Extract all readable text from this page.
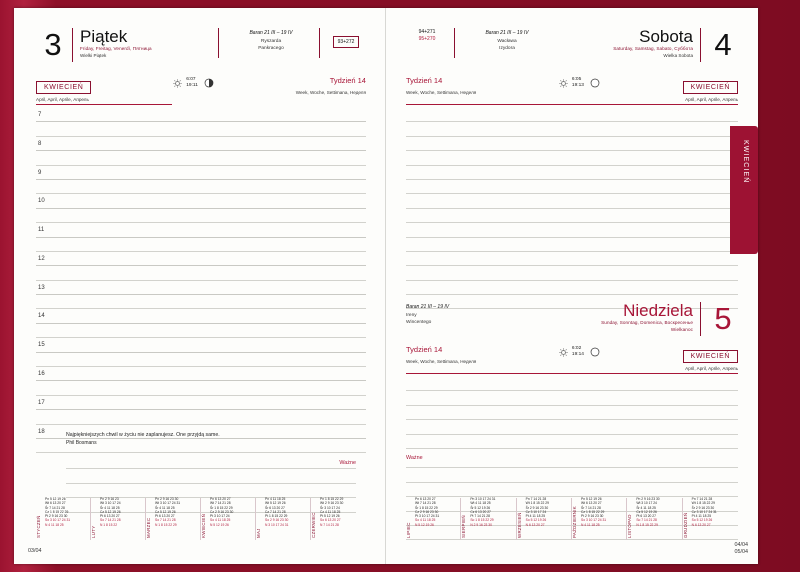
3	Piątek
Friday, Freitag, Venerdì, Пятница
Wielki Piątek
Baran 21 III – 19 IV
Ryszarda
Pankracego
93+272
KWIECIEŃ
April, April, Aprile, Апрель
6:07
19:11
Tydzień 14
Week, Woche, Settimana, Неделя
7
8
9
10
11
12
13
14
15
16
17
18
Najpiękniejszych chwil w życiu nie zaplanujesz. One przyjdą same.
Phil Bosmans
Ważne
STYCZEŃ
Pn 5 12 19 26
Wt 6 13 20 27
Śr 7 14 21 28
Cz 1 8 15 22 29
Pt 2 9 16 23 30
So 3 10 17 24 31
N 4 11 18 25
LUTY
Pn 2 9 16 23
Wt 3 10 17 24
Śr 4 11 18 25
Cz 5 12 19 26
Pt 6 13 20 27
So 7 14 21 28
N 1 8 15 22	MARZEC
Pn 2 9 16 23 30
Wt 3 10 17 24 31
Śr 4 11 18 25
Cz 5 12 19 26
Pt 6 13 20 27
So 7 14 21 28
N 1 8 15 22 29	KWIECIEŃ
Pn 6 13 20 27
Wt 7 14 21 28
Śr 1 8 15 22 29
Cz 2 9 16 23 30
Pt 3 10 17 24
So 4 11 18 25
N 5 12 19 26
MAJ
Pn 4 11 18 25
Wt 5 12 19 26
Śr 6 13 20 27
Cz 7 14 21 28
Pt 1 8 15 22 29
So 2 9 16 23 30
N 3 10 17 24 31	CZERWIEC
Pn 1 8 15 22 29
Wt 2 9 16 23 30
Śr 3 10 17 24
Cz 4 11 18 25
Pt 5 12 19 26
So 6 13 20 27
N 7 14 21 28
03/04
94+271
95+270
Baran 21 III – 19 IV
Wacława
Izydora
Sobota
Saturday, Samstag, Sabato, Суббота
Wielka Sobota 4
Tydzień 14
Week, Woche, Settimana, Неделя
6:05
19:13	KWIECIEŃ
April, April, Aprile, Апрель
Baran 21 III – 19 IV
Ireny
Wincentego
Niedziela
Sunday, Sonntag, Domenica, Воскресенье
Wielkanoc 5
Tydzień 14
Week, Woche, Settimana, Неделя
6:02
19:14	KWIECIEŃ
April, April, Aprile, Апрель
Ważne
LIPIEC
Pn 6 13 20 27
Wt 7 14 21 28
Śr 1 8 15 22 29
Cz 2 9 16 23 30
Pt 3 10 17 24 31
So 4 11 18 25
N 5 12 19 26	SIERPIEŃ
Pn 3 10 17 24 31
Wt 4 11 18 25
Śr 5 12 19 26
Cz 6 13 20 27
Pt 7 14 21 28
So 1 8 15 22 29
N 2 9 16 23 30	WRZESIEŃ
Pn 7 14 21 28
Wt 1 8 15 22 29
Śr 2 9 16 23 30
Cz 3 10 17 24
Pt 4 11 18 25
So 5 12 19 26
N 6 13 20 27	PAŹDZIERNIK
Pn 5 12 19 26
Wt 6 13 20 27
Śr 7 14 21 28
Cz 1 8 15 22 29
Pt 2 9 16 23 30
So 3 10 17 24 31
N 4 11 18 25	LISTOPAD
Pn 2 9 16 23 30
Wt 3 10 17 24
Śr 4 11 18 25
Cz 5 12 19 26
Pt 6 13 20 27
So 7 14 21 28
N 1 8 15 22 29	GRUDZIEŃ
Pn 7 14 21 28
Wt 1 8 15 22 29
Śr 2 9 16 23 30
Cz 3 10 17 24 31
Pt 4 11 18 25
So 5 12 19 26
N 6 13 20 27
04/04
05/04
KWIECIEŃ
